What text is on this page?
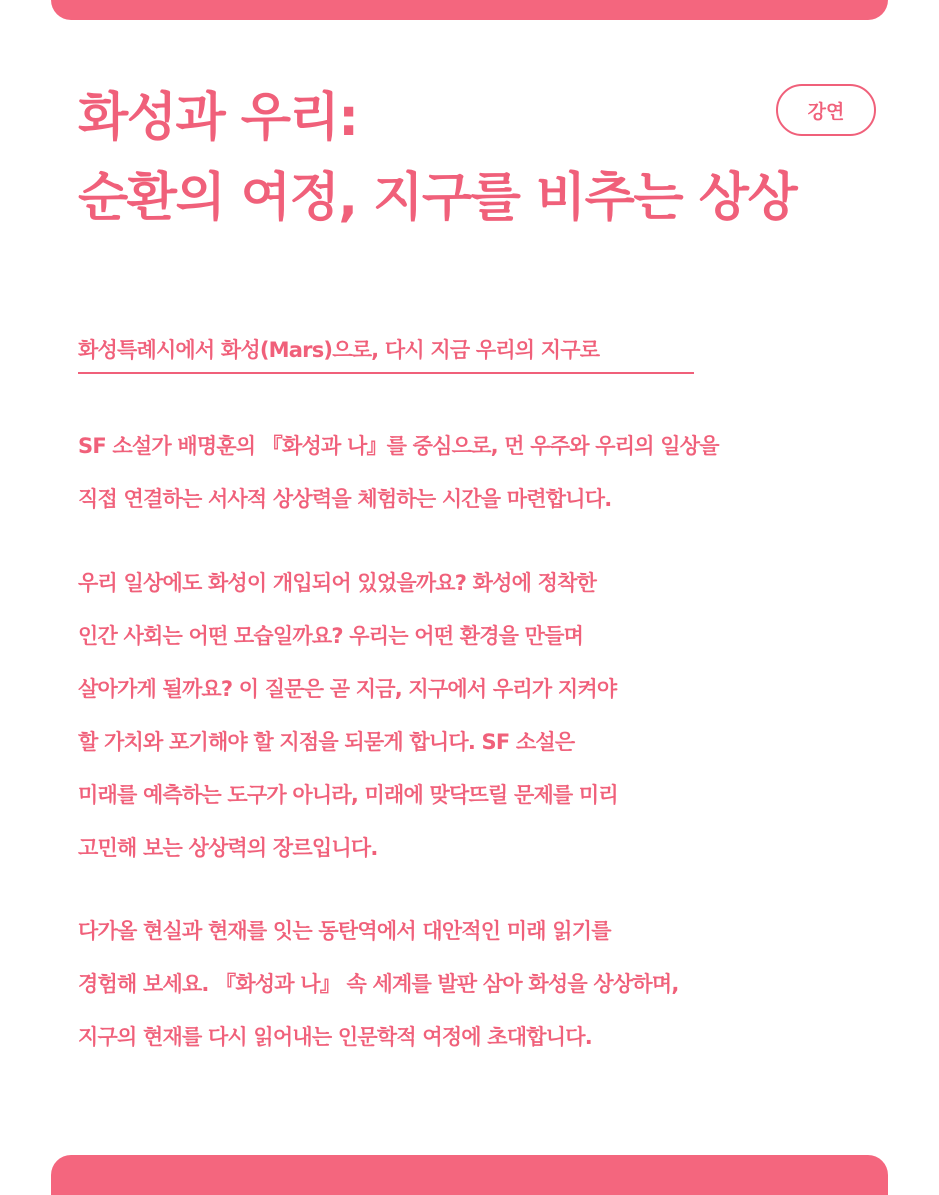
화성과 우리:
순환의 여정, 지구를 비추는 상상
강연
화성특례시에서 화성(Mars)으로, 다시 지금 우리의 지구로

SF 소설가 배명훈의 『화성과 나』를 중심으로, 먼 우주와 우리의 일상을
직접 연결하는 서사적 상상력을 체험하는 시간을 마련합니다.

우리 일상에도 화성이 개입되어 있었을까요? 화성에 정착한
인간 사회는 어떤 모습일까요? 우리는 어떤 환경을 만들며
살아가게 될까요? 이 질문은 곧 지금, 지구에서 우리가 지켜야
할 가치와 포기해야 할 지점을 되묻게 합니다. SF 소설은
미래를 예측하는 도구가 아니라, 미래에 맞닥뜨릴 문제를 미리
고민해 보는 상상력의 장르입니다.

다가올 현실과 현재를 잇는 동탄역에서 대안적인 미래 읽기를
경험해 보세요. 『화성과 나』 속 세계를 발판 삼아 화성을 상상하며,
지구의 현재를 다시 읽어내는 인문학적 여정에 초대합니다.
